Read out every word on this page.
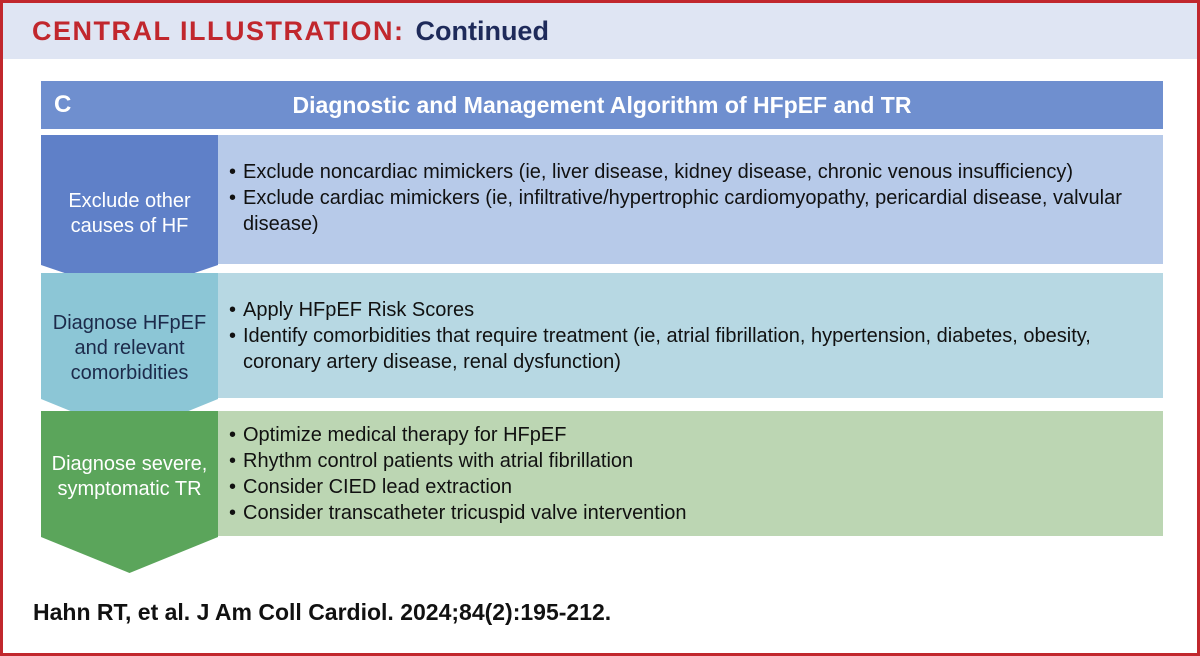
CENTRAL ILLUSTRATION: Continued
C	Diagnostic and Management Algorithm of HFpEF and TR
• Exclude noncardiac mimickers (ie, liver disease, kidney disease, chronic venous insufficiency)
• Exclude cardiac mimickers (ie, infiltrative/hypertrophic cardiomyopathy, pericardial disease, valvular disease)
Exclude other causes of HF
• Apply HFpEF Risk Scores
• Identify comorbidities that require treatment (ie, atrial fibrillation, hypertension, diabetes, obesity, coronary artery disease, renal dysfunction)
Diagnose HFpEF and relevant comorbidities
• Optimize medical therapy for HFpEF
• Rhythm control patients with atrial fibrillation
• Consider CIED lead extraction
• Consider transcatheter tricuspid valve intervention
Diagnose severe, symptomatic TR
Hahn RT, et al. J Am Coll Cardiol. 2024;84(2):195-212.
